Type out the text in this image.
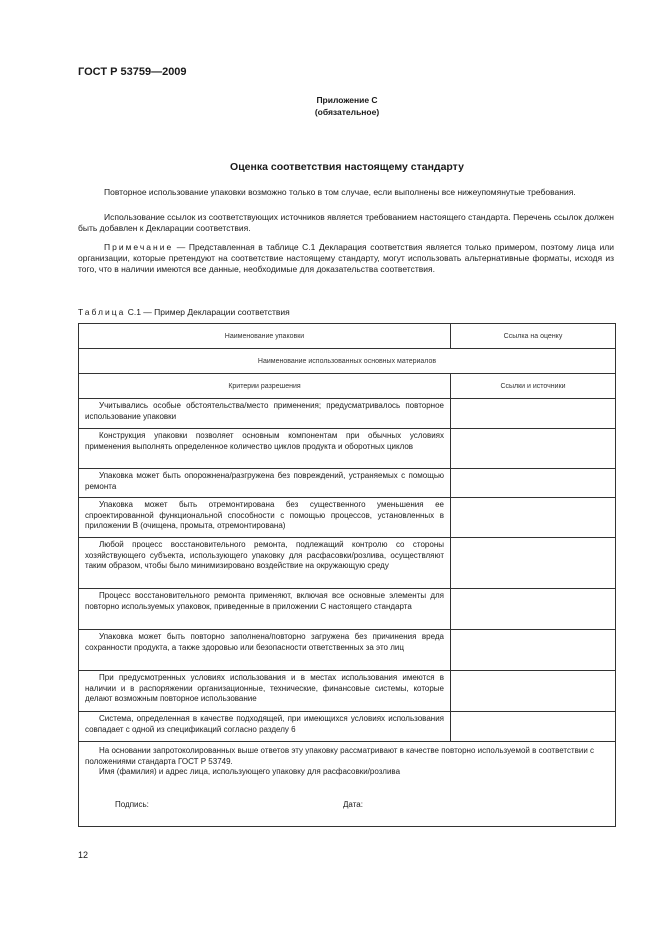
ГОСТ Р 53759—2009
Приложение С
(обязательное)
Оценка соответствия настоящему стандарту
Повторное использование упаковки возможно только в том случае, если выполнены все нижеупомянутые требования.
Использование ссылок из соответствующих источников является требованием настоящего стандарта. Перечень ссылок должен быть добавлен к Декларации соответствия.
Примечание — Представленная в таблице С.1 Декларация соответствия является только примером, поэтому лица или организации, которые претендуют на соответствие настоящему стандарту, могут использовать альтернативные форматы, исходя из того, что в наличии имеются все данные, необходимые для доказательства соответствия.
Таблица С.1 — Пример Декларации соответствия
Наименование упаковки	Ссылка на оценку
Наименование использованных основных материалов	
Критерии разрешения	Ссылки и источники
Учитывались особые обстоятельства/место применения; предусматривалось повторное использование упаковки	
Конструкция упаковки позволяет основным компонентам при обычных условиях применения выполнять определенное количество циклов продукта и оборотных циклов	
Упаковка может быть опорожнена/разгружена без повреждений, устраняемых с помощью ремонта	
Упаковка может быть отремонтирована без существенного уменьшения ее спроектированной функциональной способности с помощью процессов, установленных в приложении В (очищена, промыта, отремонтирована)	
Любой процесс восстановительного ремонта, подлежащий контролю со стороны хозяйствующего субъекта, использующего упаковку для расфасовки/розлива, осуществляют таким образом, чтобы было минимизировано воздействие на окружающую среду	
Процесс восстановительного ремонта применяют, включая все основные элементы для повторно используемых упаковок, приведенные в приложении С настоящего стандарта	
Упаковка может быть повторно заполнена/повторно загружена без причинения вреда сохранности продукта, а также здоровью или безопасности ответственных за это лиц	
При предусмотренных условиях использования и в местах использования имеются в наличии и в распоряжении организационные, технические, финансовые системы, которые делают возможным повторное использование	
Система, определенная в качестве подходящей, при имеющихся условиях использования совпадает с одной из спецификаций согласно разделу 6	

На основании запротоколированных выше ответов эту упаковку рассматривают в качестве повторно используемой в соответствии с положениями стандарта ГОСТ Р 53749.
Имя (фамилия) и адрес лица, использующего упаковку для расфасовки/розлива
Подпись: Дата:	
12
